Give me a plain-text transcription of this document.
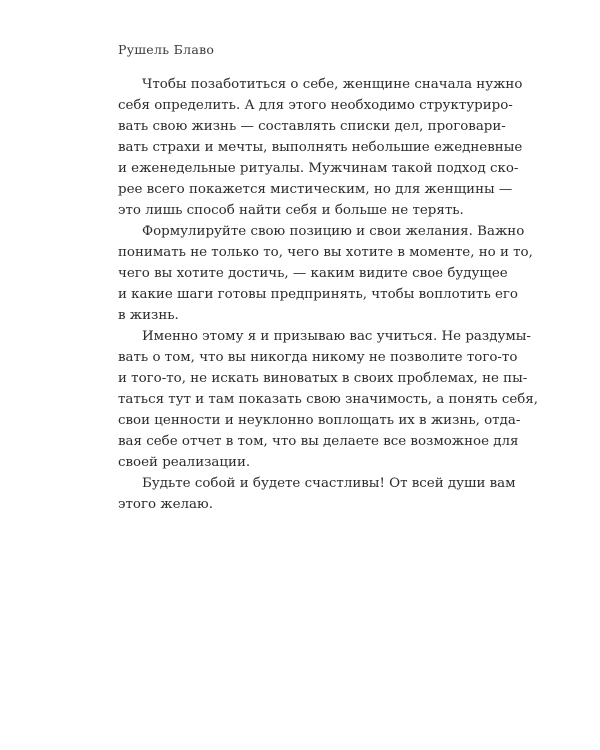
Рушель Блаво
Чтобы позаботиться о себе, женщине сначала нужно
себя определить. А для этого необходимо структуриро-
вать свою жизнь — составлять списки дел, проговари-
вать страхи и мечты, выполнять небольшие ежедневные
и еженедельные ритуалы. Мужчинам такой подход ско-
рее всего покажется мистическим, но для женщины —
это лишь способ найти себя и больше не терять.
Формулируйте свою позицию и свои желания. Важно
понимать не только то, чего вы хотите в моменте, но и то,
чего вы хотите достичь, — каким видите свое будущее
и какие шаги готовы предпринять, чтобы воплотить его
в жизнь.
Именно этому я и призываю вас учиться. Не раздумы-
вать о том, что вы никогда никому не позволите того-то
и того-то, не искать виноватых в своих проблемах, не пы-
таться тут и там показать свою значимость, а понять себя,
свои ценности и неуклонно воплощать их в жизнь, отда-
вая себе отчет в том, что вы делаете все возможное для
своей реализации.
Будьте собой и будете счастливы! От всей души вам
этого желаю.
